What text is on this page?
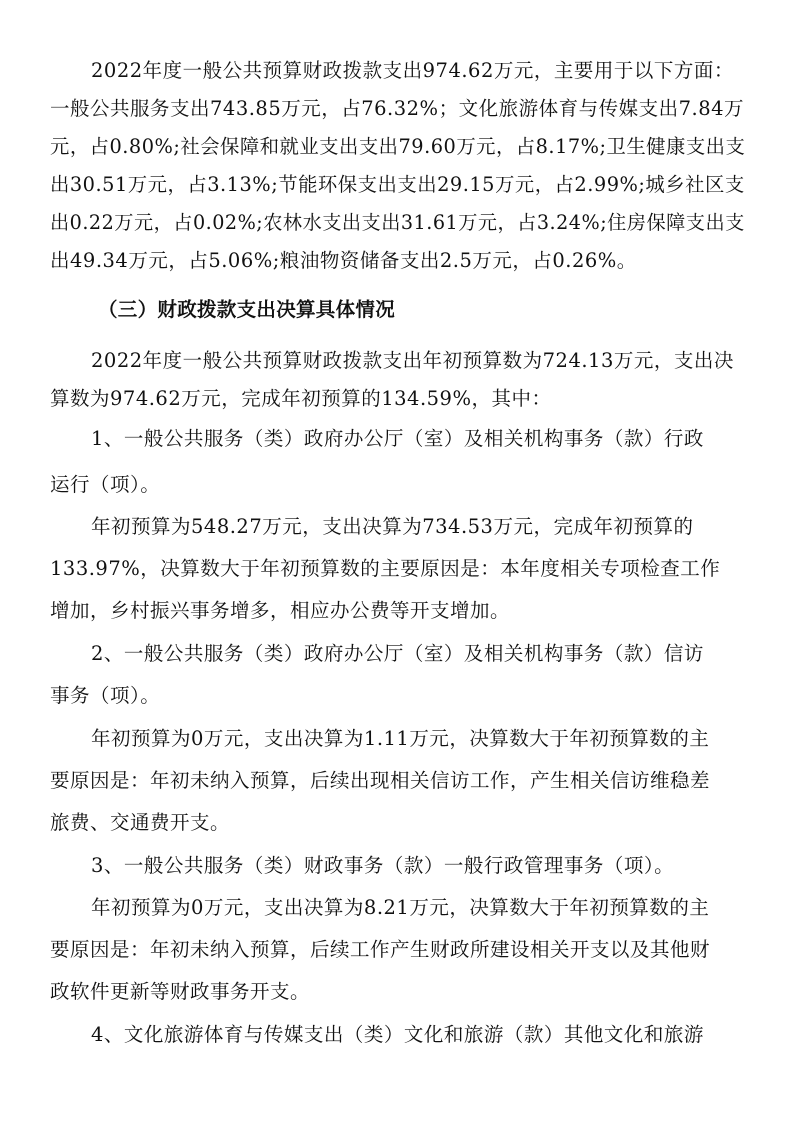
2022年度一般公共预算财政拨款支出974.62万元，主要用于以下方面：
一般公共服务支出743.85万元，占76.32%；文化旅游体育与传媒支出7.84万
元，占0.80%;社会保障和就业支出支出79.60万元，占8.17%;卫生健康支出支
出30.51万元，占3.13%;节能环保支出支出29.15万元，占2.99%;城乡社区支
出0.22万元，占0.02%;农林水支出支出31.61万元，占3.24%;住房保障支出支
出49.34万元，占5.06%;粮油物资储备支出2.5万元，占0.26%。
（三）财政拨款支出决算具体情况
2022年度一般公共预算财政拨款支出年初预算数为724.13万元，支出决
算数为974.62万元，完成年初预算的134.59%，其中：
1、一般公共服务（类）政府办公厅（室）及相关机构事务（款）行政
运行（项）。
年初预算为548.27万元，支出决算为734.53万元，完成年初预算的
133.97%，决算数大于年初预算数的主要原因是：本年度相关专项检查工作
增加，乡村振兴事务增多，相应办公费等开支增加。
2、一般公共服务（类）政府办公厅（室）及相关机构事务（款）信访
事务（项）。
年初预算为0万元，支出决算为1.11万元，决算数大于年初预算数的主
要原因是：年初未纳入预算，后续出现相关信访工作，产生相关信访维稳差
旅费、交通费开支。
3、一般公共服务（类）财政事务（款）一般行政管理事务（项）。
年初预算为0万元，支出决算为8.21万元，决算数大于年初预算数的主
要原因是：年初未纳入预算，后续工作产生财政所建设相关开支以及其他财
政软件更新等财政事务开支。
4、文化旅游体育与传媒支出（类）文化和旅游（款）其他文化和旅游
